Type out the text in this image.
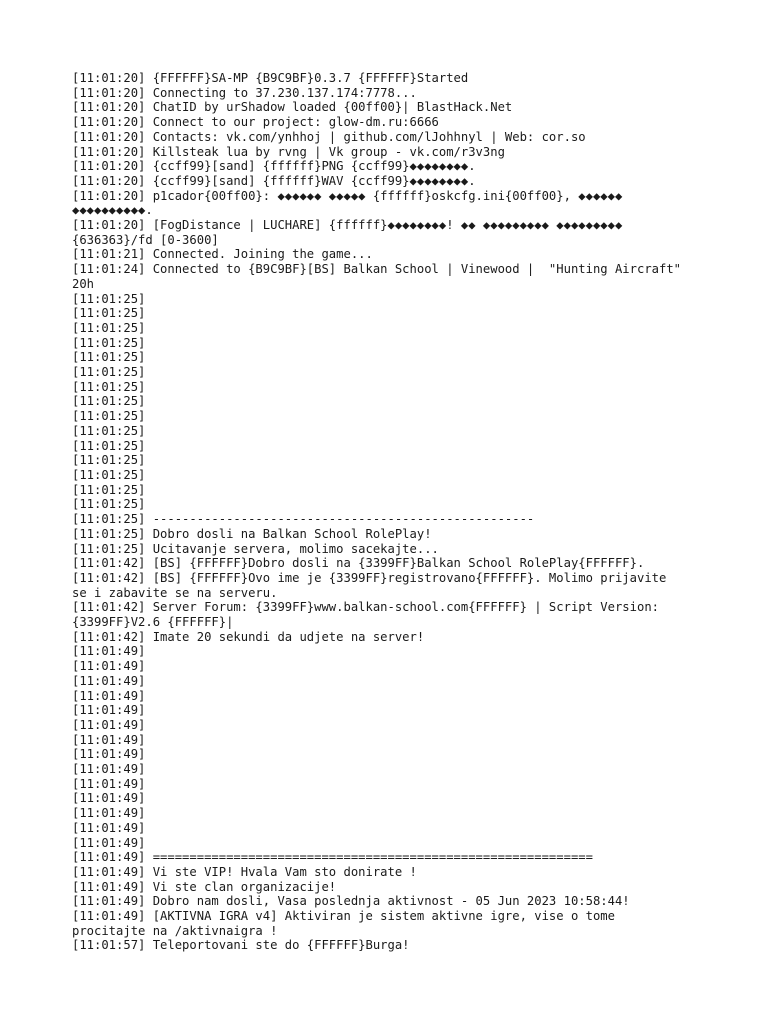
[11:01:20] {FFFFFF}SA-MP {B9C9BF}0.3.7 {FFFFFF}Started
[11:01:20] Connecting to 37.230.137.174:7778...
[11:01:20] ChatID by urShadow loaded {00ff00}| BlastHack.Net
[11:01:20] Connect to our project: glow-dm.ru:6666
[11:01:20] Contacts: vk.com/ynhhoj | github.com/lJohhnyl | Web: cor.so
[11:01:20] Killsteak lua by rvng | Vk group - vk.com/r3v3ng
[11:01:20] {ccff99}[sand] {ffffff}PNG {ccff99}◆◆◆◆◆◆◆◆.
[11:01:20] {ccff99}[sand] {ffffff}WAV {ccff99}◆◆◆◆◆◆◆◆.
[11:01:20] p1cador{00ff00}: ◆◆◆◆◆◆ ◆◆◆◆◆ {ffffff}oskcfg.ini{00ff00}, ◆◆◆◆◆◆
◆◆◆◆◆◆◆◆◆◆.
[11:01:20] [FogDistance | LUCHARE] {ffffff}◆◆◆◆◆◆◆◆! ◆◆ ◆◆◆◆◆◆◆◆◆ ◆◆◆◆◆◆◆◆◆
{636363}/fd [0-3600]
[11:01:21] Connected. Joining the game...
[11:01:24] Connected to {B9C9BF}[BS] Balkan School | Vinewood |  "Hunting Aircraft"
20h
[11:01:25]
[11:01:25]
[11:01:25]
[11:01:25]
[11:01:25]
[11:01:25]
[11:01:25]
[11:01:25]
[11:01:25]
[11:01:25]
[11:01:25]
[11:01:25]
[11:01:25]
[11:01:25]
[11:01:25]
[11:01:25] ----------------------------------------------------
[11:01:25] Dobro dosli na Balkan School RolePlay!
[11:01:25] Ucitavanje servera, molimo sacekajte...
[11:01:42] [BS] {FFFFFF}Dobro dosli na {3399FF}Balkan School RolePlay{FFFFFF}.
[11:01:42] [BS] {FFFFFF}Ovo ime je {3399FF}registrovano{FFFFFF}. Molimo prijavite
se i zabavite se na serveru.
[11:01:42] Server Forum: {3399FF}www.balkan-school.com{FFFFFF} | Script Version:
{3399FF}V2.6 {FFFFFF}|
[11:01:42] Imate 20 sekundi da udjete na server!
[11:01:49]
[11:01:49]
[11:01:49]
[11:01:49]
[11:01:49]
[11:01:49]
[11:01:49]
[11:01:49]
[11:01:49]
[11:01:49]
[11:01:49]
[11:01:49]
[11:01:49]
[11:01:49]
[11:01:49] ============================================================
[11:01:49] Vi ste VIP! Hvala Vam sto donirate !
[11:01:49] Vi ste clan organizacije!
[11:01:49] Dobro nam dosli, Vasa poslednja aktivnost - 05 Jun 2023 10:58:44!
[11:01:49] [AKTIVNA IGRA v4] Aktiviran je sistem aktivne igre, vise o tome
procitajte na /aktivnaigra !
[11:01:57] Teleportovani ste do {FFFFFF}Burga!
